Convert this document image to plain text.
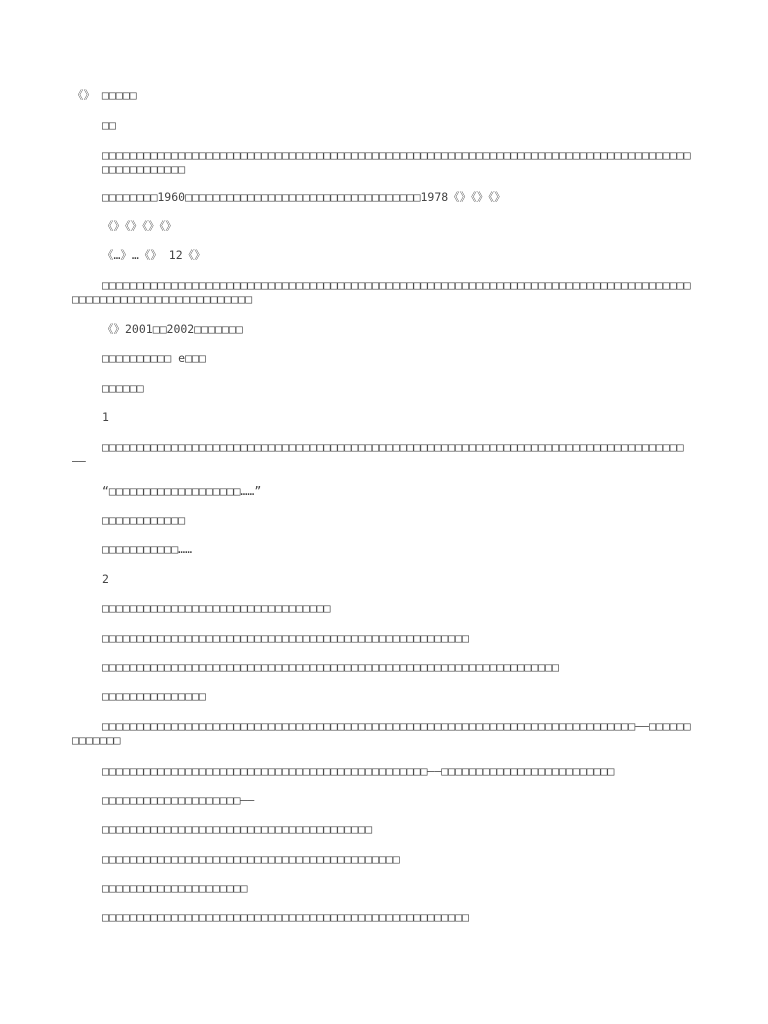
《》 □□□□□
□□
□□□□□□□□□□□□□□□□□□□□□□□□□□□□□□□□□□□□□□□□□□□□□□□□□□□□□□□□□□□□□□□□□□□□□□□□□□□□□□□□□□□□□□□□□□□□□□□□□
□□□□□□□□1960□□□□□□□□□□□□□□□□□□□□□□□□□□□□□□□□□□1978《》《》《》
《》《》《》《》
《…》…《》 12《》
□□□□□□□□□□□□□□□□□□□□□□□□□□□□□□□□□□□□□□□□□□□□□□□□□□□□□□□□□□□□□□□□□□□□□□□□□□□□□□□□□□□□□□□□□□□□□□□□□□□□□□□□□□□□□□□
《》2001□□2002□□□□□□□
□□□□□□□□□□ e□□□
□□□□□□
1
□□□□□□□□□□□□□□□□□□□□□□□□□□□□□□□□□□□□□□□□□□□□□□□□□□□□□□□□□□□□□□□□□□□□□□□□□□□□□□□□□□□□——
“□□□□□□□□□□□□□□□□□□□……”
□□□□□□□□□□□□
□□□□□□□□□□□……
2
□□□□□□□□□□□□□□□□□□□□□□□□□□□□□□□□□
□□□□□□□□□□□□□□□□□□□□□□□□□□□□□□□□□□□□□□□□□□□□□□□□□□□□□
□□□□□□□□□□□□□□□□□□□□□□□□□□□□□□□□□□□□□□□□□□□□□□□□□□□□□□□□□□□□□□□□□□
□□□□□□□□□□□□□□□
□□□□□□□□□□□□□□□□□□□□□□□□□□□□□□□□□□□□□□□□□□□□□□□□□□□□□□□□□□□□□□□□□□□□□□□□□□□□□——□□□□□□□□□□□□□
□□□□□□□□□□□□□□□□□□□□□□□□□□□□□□□□□□□□□□□□□□□□□□□——□□□□□□□□□□□□□□□□□□□□□□□□□
□□□□□□□□□□□□□□□□□□□□——
□□□□□□□□□□□□□□□□□□□□□□□□□□□□□□□□□□□□□□□
□□□□□□□□□□□□□□□□□□□□□□□□□□□□□□□□□□□□□□□□□□□
□□□□□□□□□□□□□□□□□□□□□
□□□□□□□□□□□□□□□□□□□□□□□□□□□□□□□□□□□□□□□□□□□□□□□□□□□□□
